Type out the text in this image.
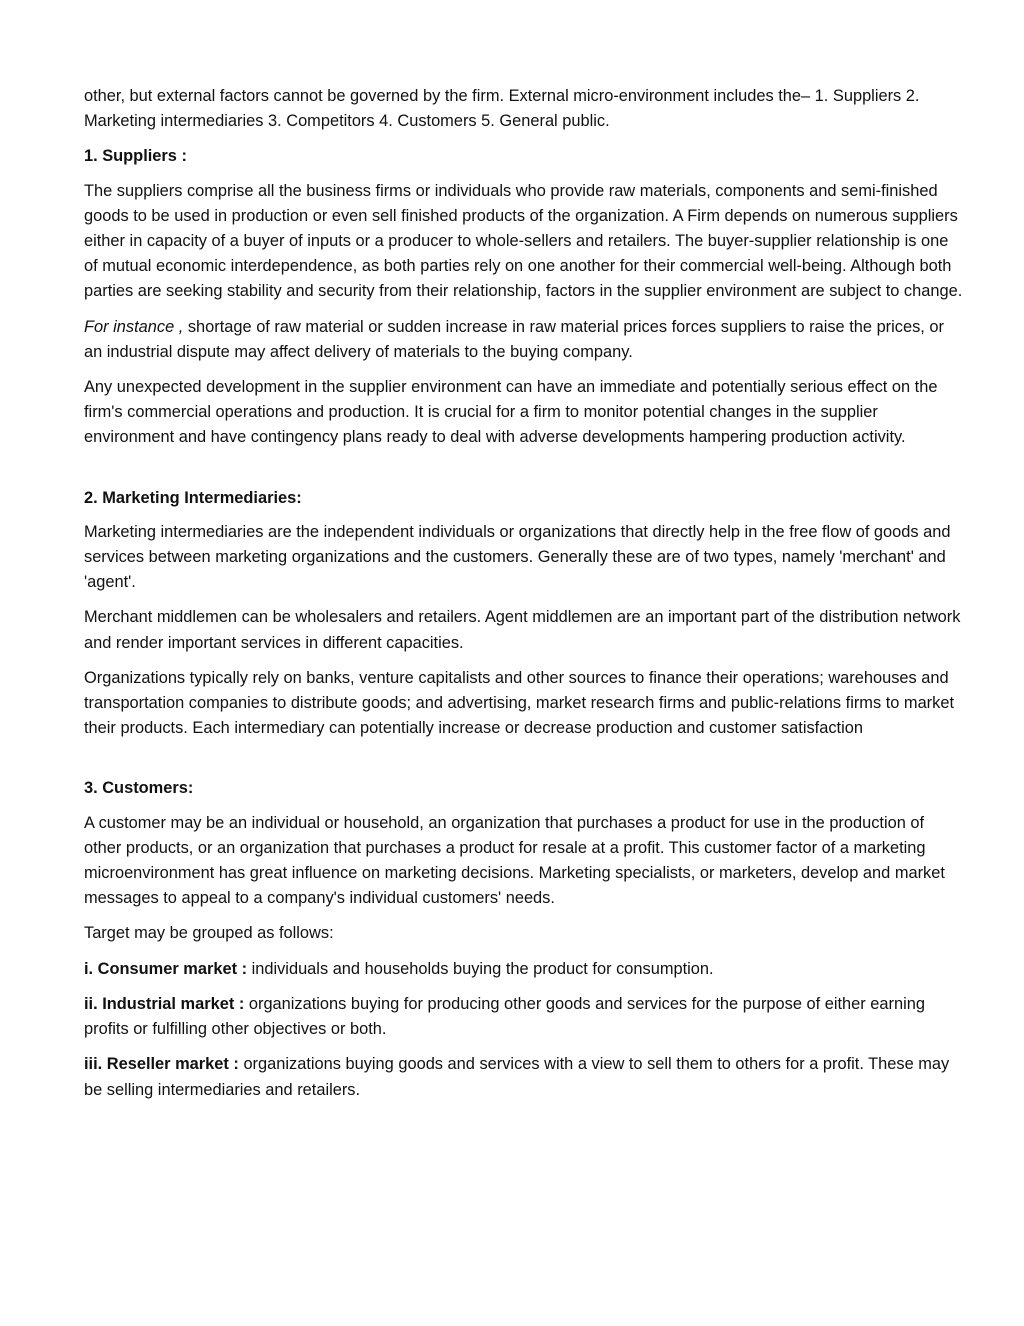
other, but external factors cannot be governed by the firm. External micro-environment includes the– 1. Suppliers 2. Marketing intermediaries 3. Competitors 4. Customers 5. General public.

1. Suppliers :

The suppliers comprise all the business firms or individuals who provide raw materials, components and semi-finished goods to be used in production or even sell finished products of the organization. A Firm depends on numerous suppliers either in capacity of a buyer of inputs or a producer to whole-sellers and retailers. The buyer-supplier relationship is one of mutual economic interdependence, as both parties rely on one another for their commercial well-being. Although both parties are seeking stability and security from their relationship, factors in the supplier environment are subject to change.

For instance , shortage of raw material or sudden increase in raw material prices forces suppliers to raise the prices, or an industrial dispute may affect delivery of materials to the buying company.

Any unexpected development in the supplier environment can have an immediate and potentially serious effect on the firm's commercial operations and production. It is crucial for a firm to monitor potential changes in the supplier environment and have contingency plans ready to deal with adverse developments hampering production activity.

2. Marketing Intermediaries:

Marketing intermediaries are the independent individuals or organizations that directly help in the free flow of goods and services between marketing organizations and the customers. Generally these are of two types, namely 'merchant' and 'agent'.

Merchant middlemen can be wholesalers and retailers. Agent middlemen are an important part of the distribution network and render important services in different capacities.

Organizations typically rely on banks, venture capitalists and other sources to finance their operations; warehouses and transportation companies to distribute goods; and advertising, market research firms and public-relations firms to market their products. Each intermediary can potentially increase or decrease production and customer satisfaction

3. Customers:

A customer may be an individual or household, an organization that purchases a product for use in the production of other products, or an organization that purchases a product for resale at a profit. This customer factor of a marketing microenvironment has great influence on marketing decisions. Marketing specialists, or marketers, develop and market messages to appeal to a company's individual customers' needs.

Target may be grouped as follows:

i. Consumer market : individuals and households buying the product for consumption.

ii. Industrial market : organizations buying for producing other goods and services for the purpose of either earning profits or fulfilling other objectives or both.

iii. Reseller market : organizations buying goods and services with a view to sell them to others for a profit. These may be selling intermediaries and retailers.
